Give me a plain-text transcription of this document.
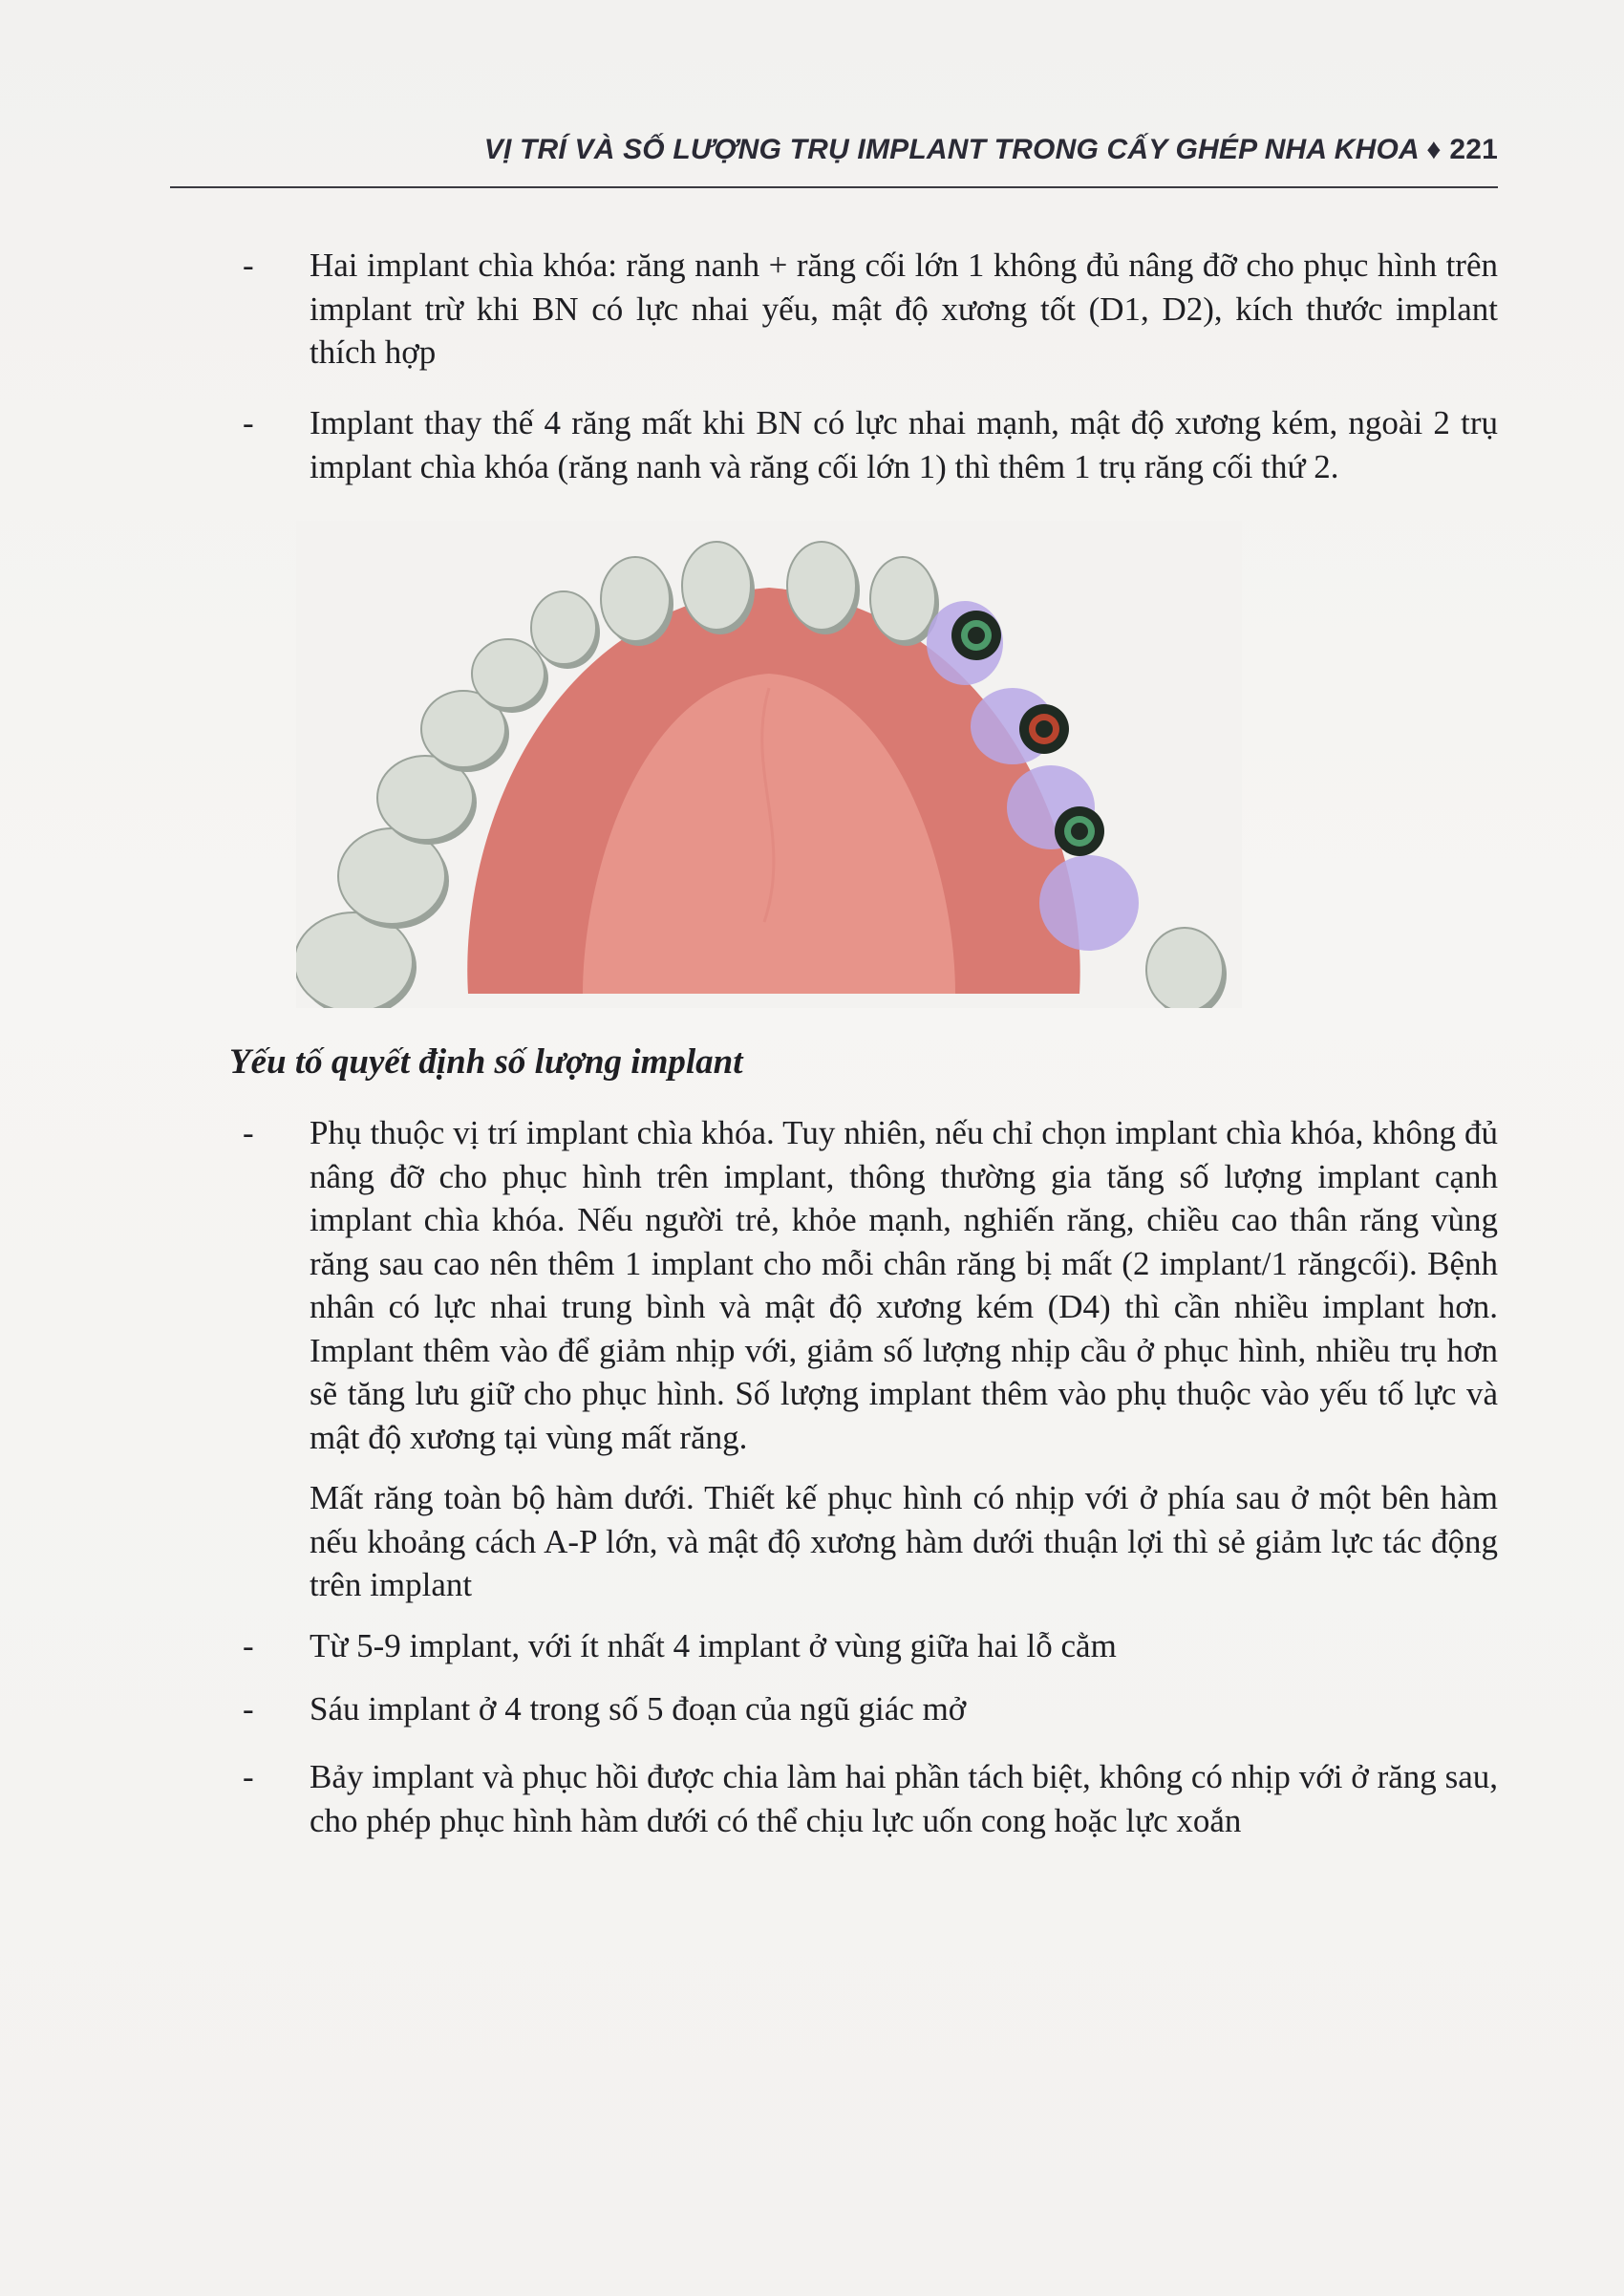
VỊ TRÍ VÀ SỐ LƯỢNG TRỤ IMPLANT TRONG CẤY GHÉP NHA KHOA ♦ 221
- Hai implant chìa khóa: răng nanh + răng cối lớn 1 không đủ nâng đỡ cho phục hình trên implant trừ khi BN có lực nhai yếu, mật độ xương tốt (D1, D2), kích thước implant thích hợp
- Implant thay thế 4 răng mất khi BN có lực nhai mạnh, mật độ xương kém, ngoài 2 trụ implant chìa khóa (răng nanh và răng cối lớn 1) thì thêm 1 trụ răng cối thứ 2.
Yếu tố quyết định số lượng implant
- Phụ thuộc vị trí implant chìa khóa. Tuy nhiên, nếu chỉ chọn implant chìa khóa, không đủ nâng đỡ cho phục hình trên implant, thông thường gia tăng số lượng implant cạnh implant chìa khóa. Nếu người trẻ, khỏe mạnh, nghiến răng, chiều cao thân răng vùng răng sau cao nên thêm 1 implant cho mỗi chân răng bị mất (2 implant/1 răngcối). Bệnh nhân có lực nhai trung bình và mật độ xương kém (D4) thì cần nhiều implant hơn. Implant thêm vào để giảm nhịp với, giảm số lượng nhịp cầu ở phục hình, nhiều trụ hơn sẽ tăng lưu giữ cho phục hình. Số lượng implant thêm vào phụ thuộc vào yếu tố lực và mật độ xương tại vùng mất răng.
Mất răng toàn bộ hàm dưới. Thiết kế phục hình có nhịp với ở phía sau ở một bên hàm nếu khoảng cách A-P lớn, và mật độ xương hàm dưới thuận lợi thì sẻ giảm lực tác động trên implant
- Từ 5-9 implant, với ít nhất 4 implant ở vùng giữa hai lỗ cằm
- Sáu implant ở 4 trong số 5 đoạn của ngũ giác mở
- Bảy implant và phục hồi được chia làm hai phần tách biệt, không có nhịp với ở răng sau, cho phép phục hình hàm dưới có thể chịu lực uốn cong hoặc lực xoắn
